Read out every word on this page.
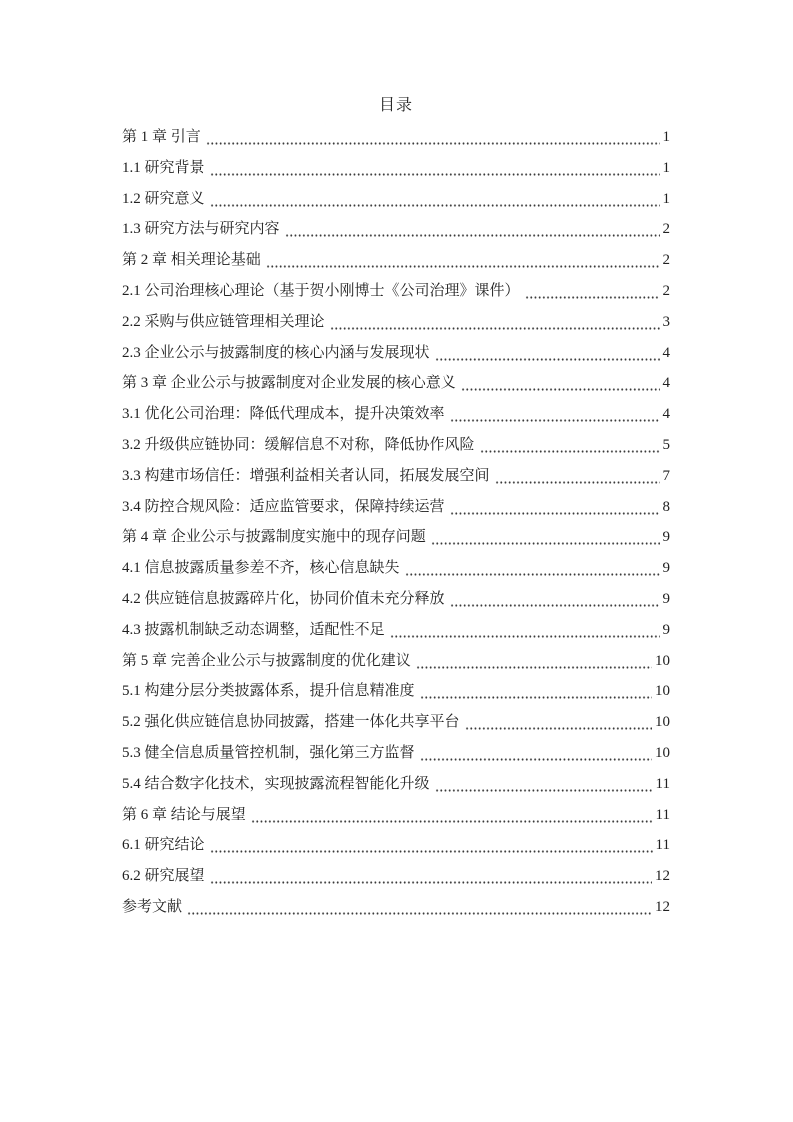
目录
第 1 章 引言	1
1.1 研究背景	1
1.2 研究意义	1
1.3 研究方法与研究内容	2
第 2 章 相关理论基础	2
2.1 公司治理核心理论（基于贺小刚博士《公司治理》课件）	2
2.2 采购与供应链管理相关理论	3
2.3 企业公示与披露制度的核心内涵与发展现状	4
第 3 章 企业公示与披露制度对企业发展的核心意义	4
3.1 优化公司治理：降低代理成本，提升决策效率	4
3.2 升级供应链协同：缓解信息不对称，降低协作风险	5
3.3 构建市场信任：增强利益相关者认同，拓展发展空间	7
3.4 防控合规风险：适应监管要求，保障持续运营	8
第 4 章 企业公示与披露制度实施中的现存问题	9
4.1 信息披露质量参差不齐，核心信息缺失	9
4.2 供应链信息披露碎片化，协同价值未充分释放	9
4.3 披露机制缺乏动态调整，适配性不足	9
第 5 章 完善企业公示与披露制度的优化建议	10
5.1 构建分层分类披露体系，提升信息精准度	10
5.2 强化供应链信息协同披露，搭建一体化共享平台	10
5.3 健全信息质量管控机制，强化第三方监督	10
5.4 结合数字化技术，实现披露流程智能化升级	11
第 6 章 结论与展望	11
6.1 研究结论	11
6.2 研究展望	12
参考文献	12
